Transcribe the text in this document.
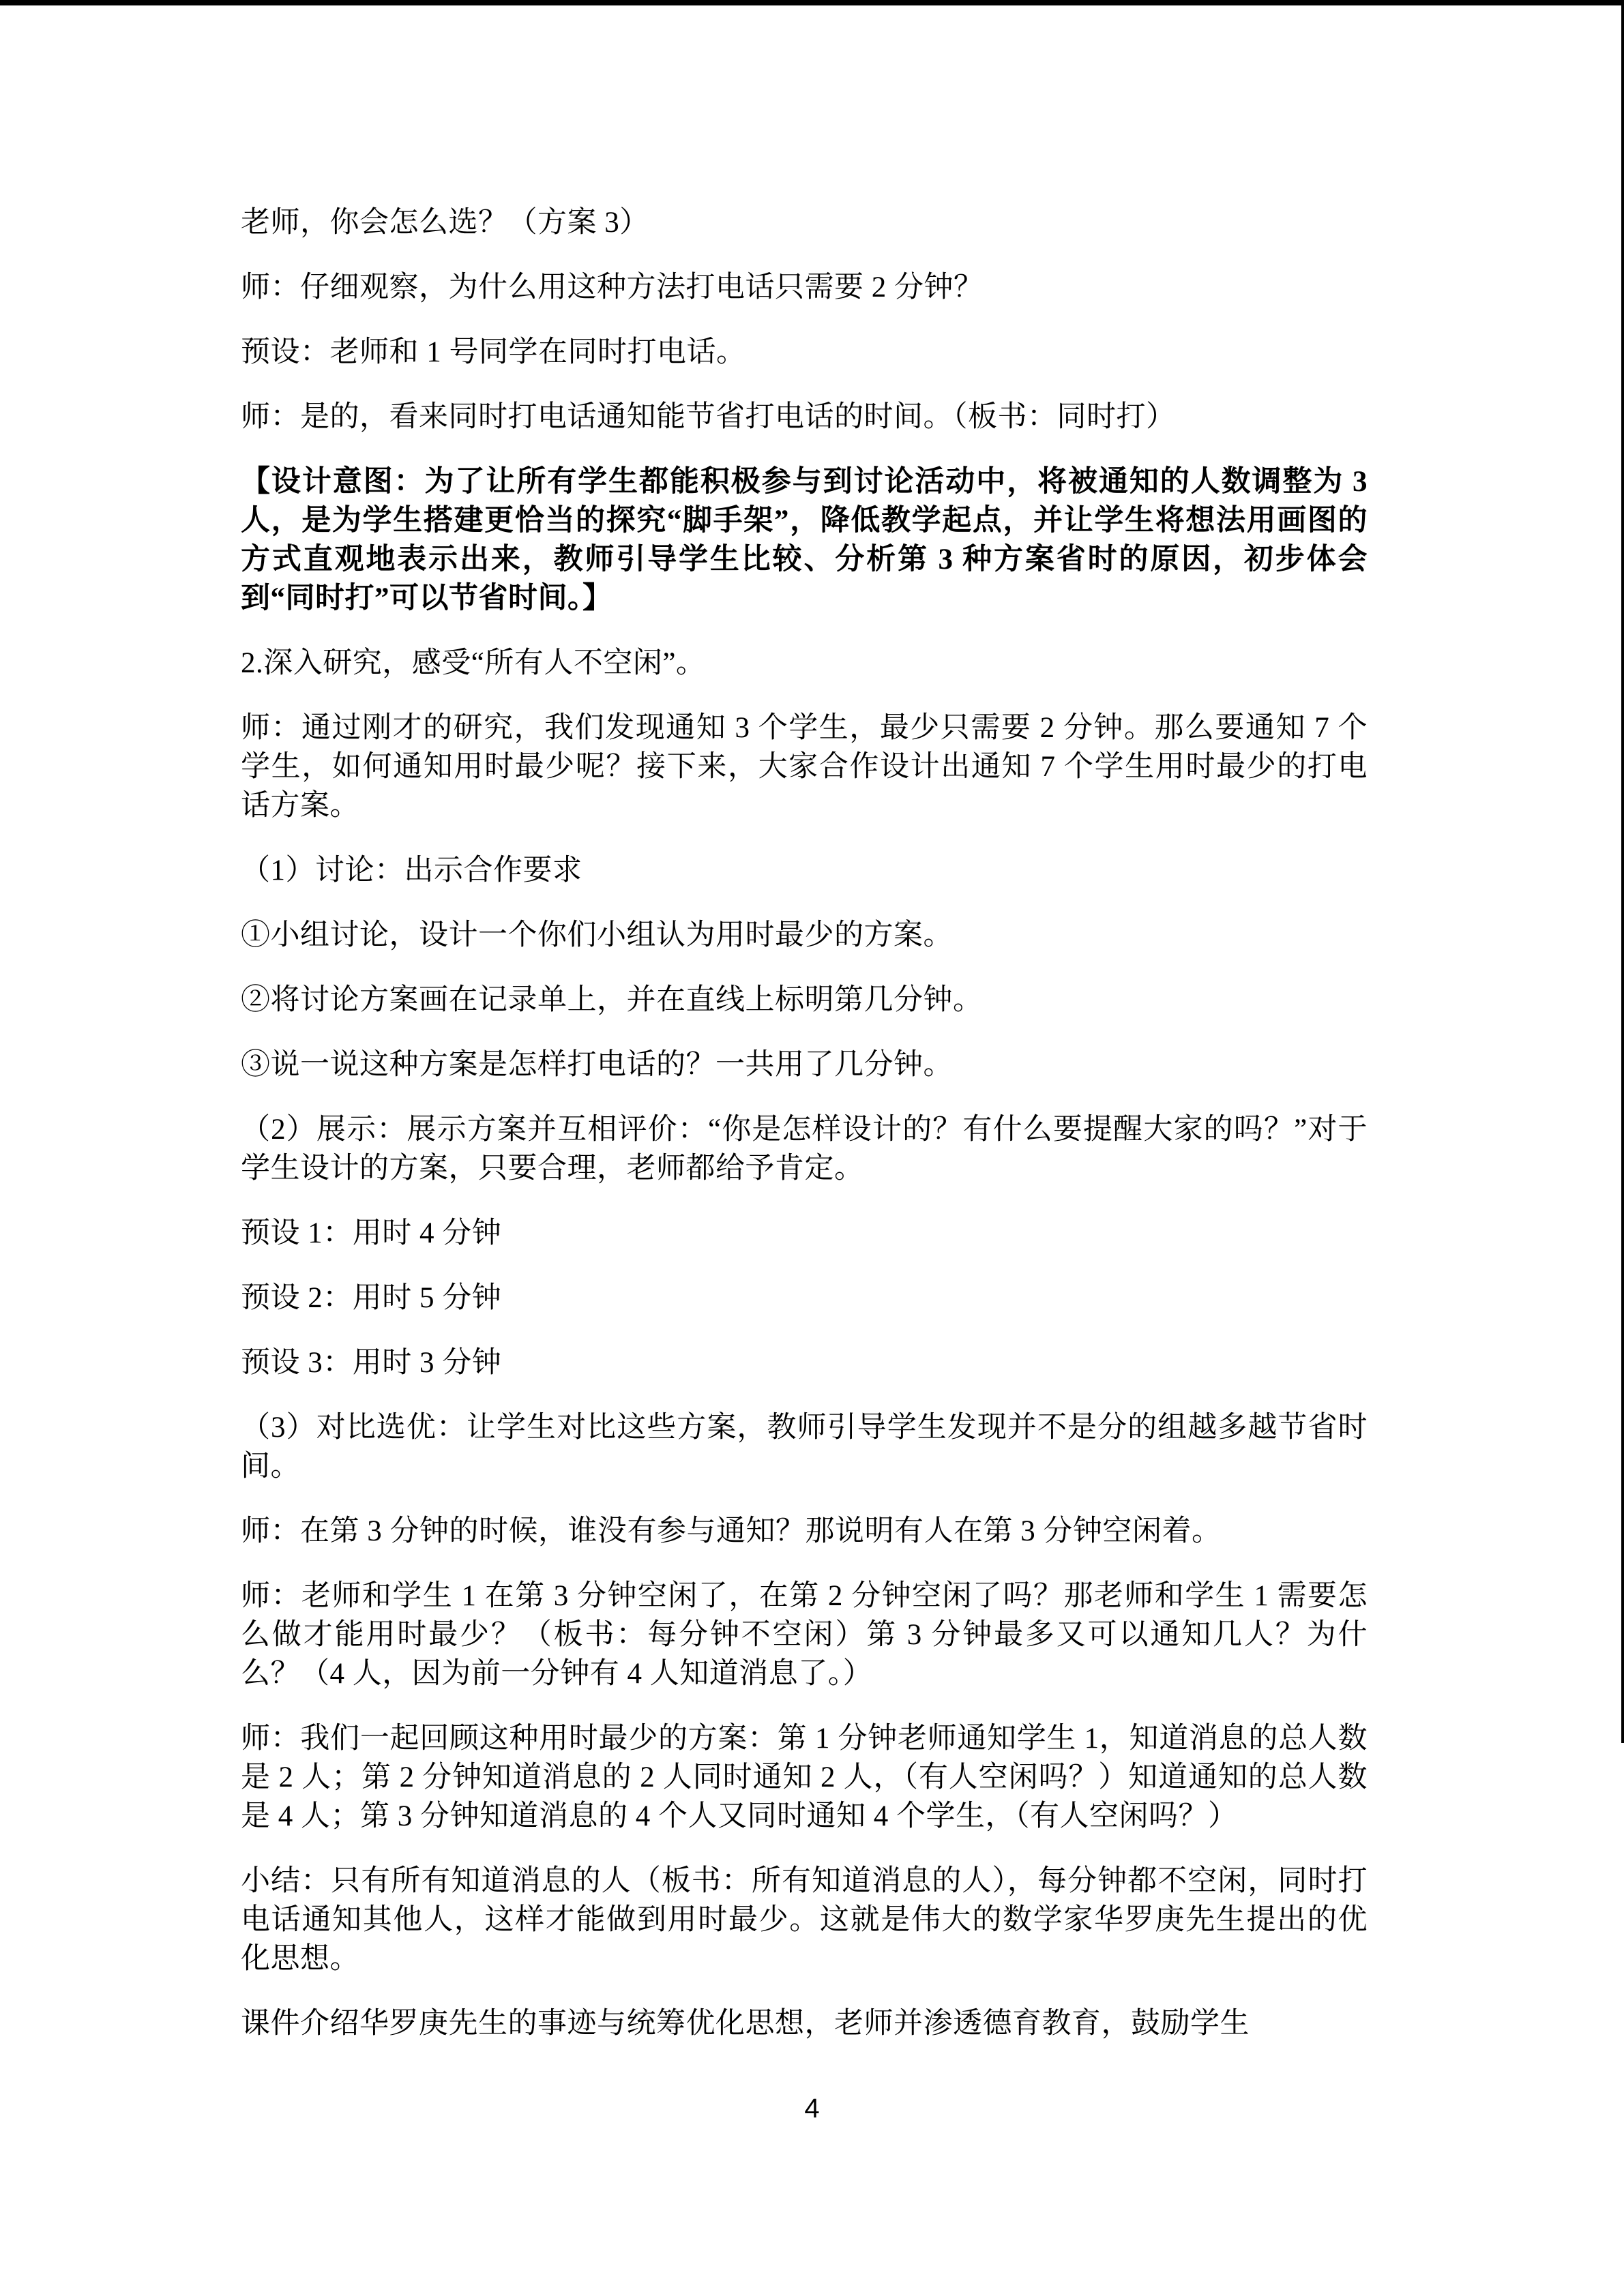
老师，你会怎么选？（方案 3）

师：仔细观察，为什么用这种方法打电话只需要 2 分钟？

预设：老师和 1 号同学在同时打电话。

师：是的，看来同时打电话通知能节省打电话的时间。（板书：同时打）

【设计意图：为了让所有学生都能积极参与到讨论活动中，将被通知的人数调整为 3 人，是为学生搭建更恰当的探究“脚手架”，降低教学起点，并让学生将想法用画图的方式直观地表示出来，教师引导学生比较、分析第 3 种方案省时的原因，初步体会到“同时打”可以节省时间。】

2.深入研究，感受“所有人不空闲”。

师：通过刚才的研究，我们发现通知 3 个学生，最少只需要 2 分钟。那么要通知 7 个学生，如何通知用时最少呢？接下来，大家合作设计出通知 7 个学生用时最少的打电话方案。

（1）讨论：出示合作要求

①小组讨论，设计一个你们小组认为用时最少的方案。

②将讨论方案画在记录单上，并在直线上标明第几分钟。

③说一说这种方案是怎样打电话的？一共用了几分钟。

（2）展示：展示方案并互相评价：“你是怎样设计的？有什么要提醒大家的吗？”对于学生设计的方案，只要合理，老师都给予肯定。

预设 1：用时 4 分钟

预设 2：用时 5 分钟

预设 3：用时 3 分钟

（3）对比选优：让学生对比这些方案，教师引导学生发现并不是分的组越多越节省时间。

师：在第 3 分钟的时候，谁没有参与通知？那说明有人在第 3 分钟空闲着。

师：老师和学生 1 在第 3 分钟空闲了，在第 2 分钟空闲了吗？那老师和学生 1 需要怎么做才能用时最少？（板书：每分钟不空闲）第 3 分钟最多又可以通知几人？为什么？（4 人，因为前一分钟有 4 人知道消息了。）

师：我们一起回顾这种用时最少的方案：第 1 分钟老师通知学生 1，知道消息的总人数是 2 人；第 2 分钟知道消息的 2 人同时通知 2 人，（有人空闲吗？）知道通知的总人数是 4 人；第 3 分钟知道消息的 4 个人又同时通知 4 个学生，（有人空闲吗？）

小结：只有所有知道消息的人（板书：所有知道消息的人），每分钟都不空闲，同时打电话通知其他人，这样才能做到用时最少。这就是伟大的数学家华罗庚先生提出的优化思想。

课件介绍华罗庚先生的事迹与统筹优化思想，老师并渗透德育教育，鼓励学生

4
